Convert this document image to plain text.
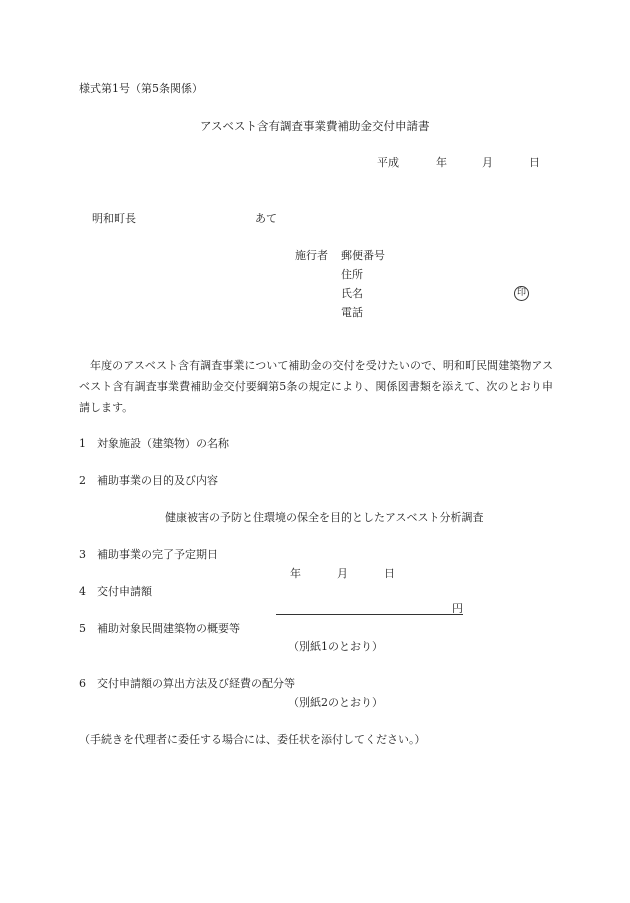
様式第1号（第5条関係）
アスベスト含有調査事業費補助金交付申請書
平成	年	月	日
明和町長	あて
施行者 郵便番号
住所
氏名	印
電話
　年度のアスベスト含有調査事業について補助金の交付を受けたいので、明和町民間建築物アスベスト含有調査事業費補助金交付要綱第5条の規定により、関係図書類を添えて、次のとおり申請します。
1　対象施設（建築物）の名称
2　補助事業の目的及び内容
健康被害の予防と住環境の保全を目的としたアスベスト分析調査
3　補助事業の完了予定期日
年	月	日
4　交付申請額
円
5　補助対象民間建築物の概要等
（別紙1のとおり）
6　交付申請額の算出方法及び経費の配分等
（別紙2のとおり）
（手続きを代理者に委任する場合には、委任状を添付してください。）
